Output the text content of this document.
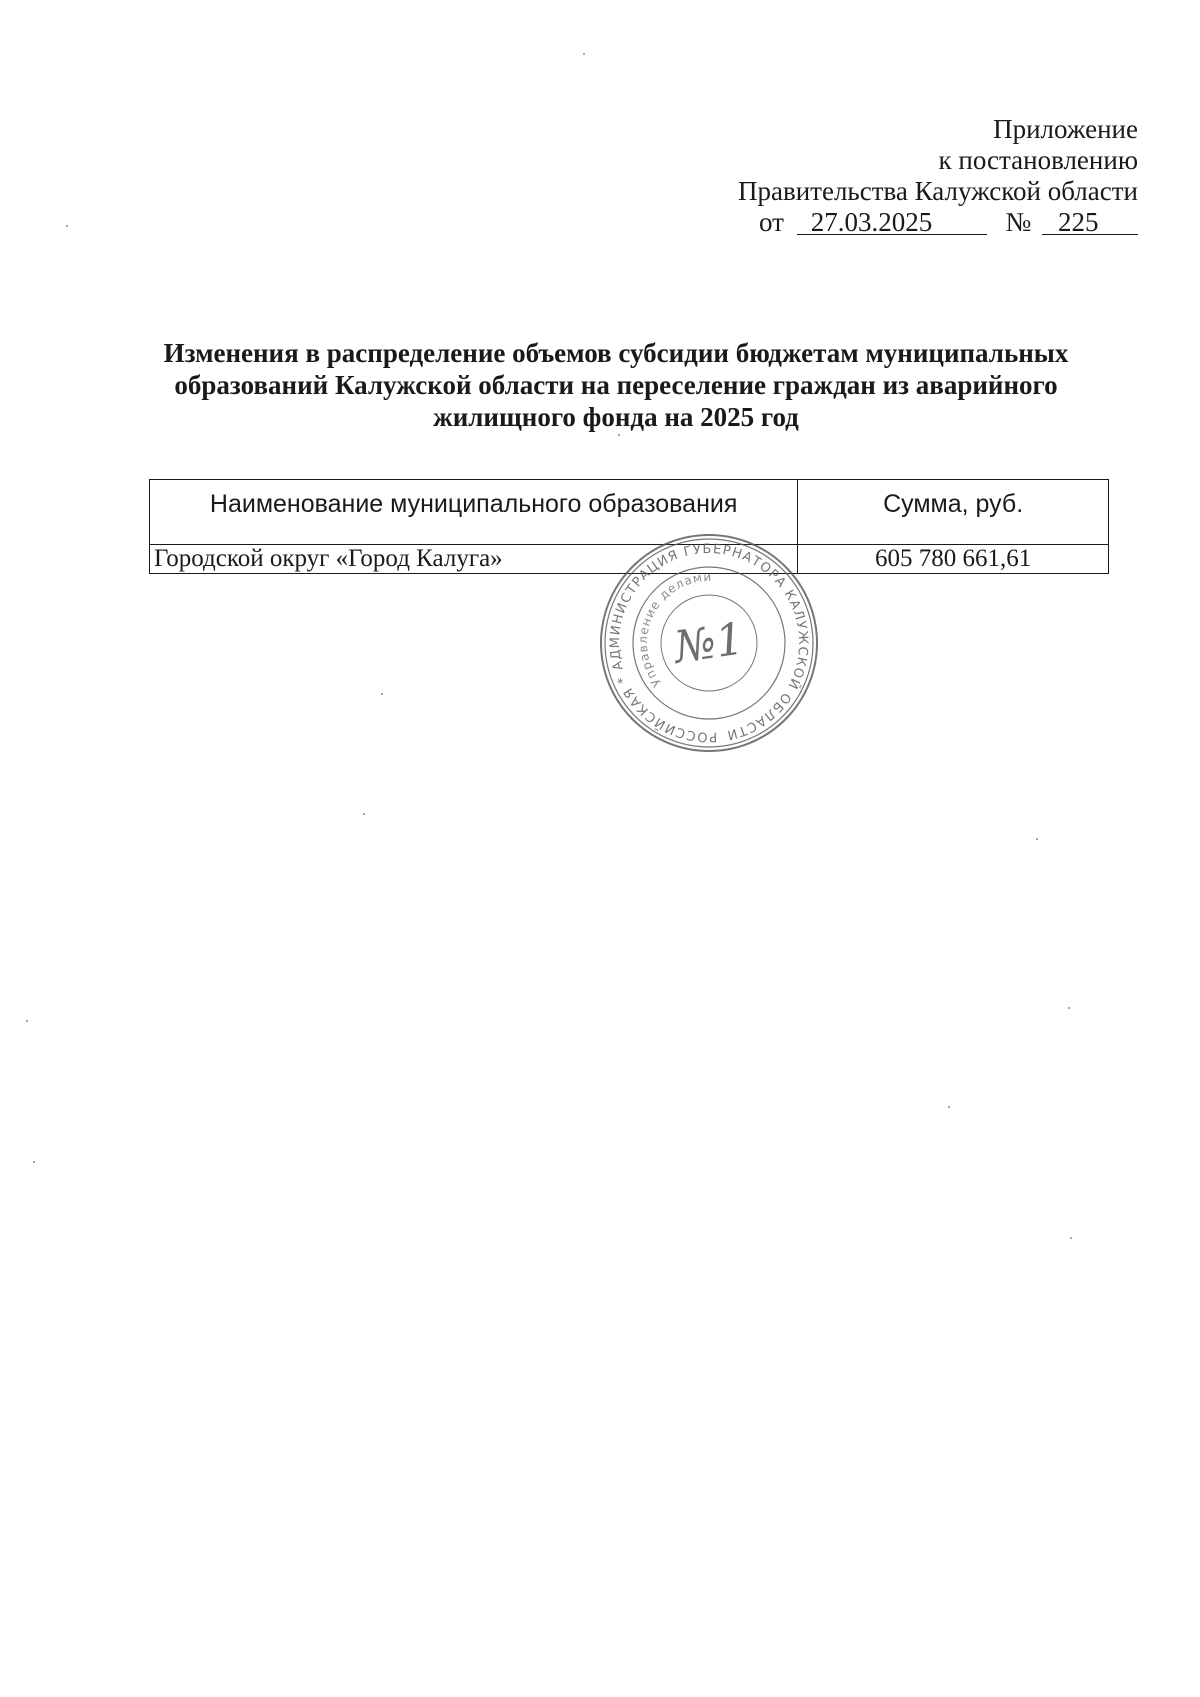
Приложение
к постановлению
Правительства Калужской области
от 27.03.2025	№ 225
Изменения в распределение объемов субсидии бюджетам муниципальных образований Калужской области на переселение граждан из аварийного жилищного фонда на 2025 год
Наименование муниципального образования	Сумма, руб.
Городской округ «Город Калуга»	605 780 661,61
РОССИЙСКАЯ * АДМИНИСТРАЦИЯ ГУБЕРНАТОРА КАЛУЖСКОЙ ОБЛАСТИ
Управление делами
№1
